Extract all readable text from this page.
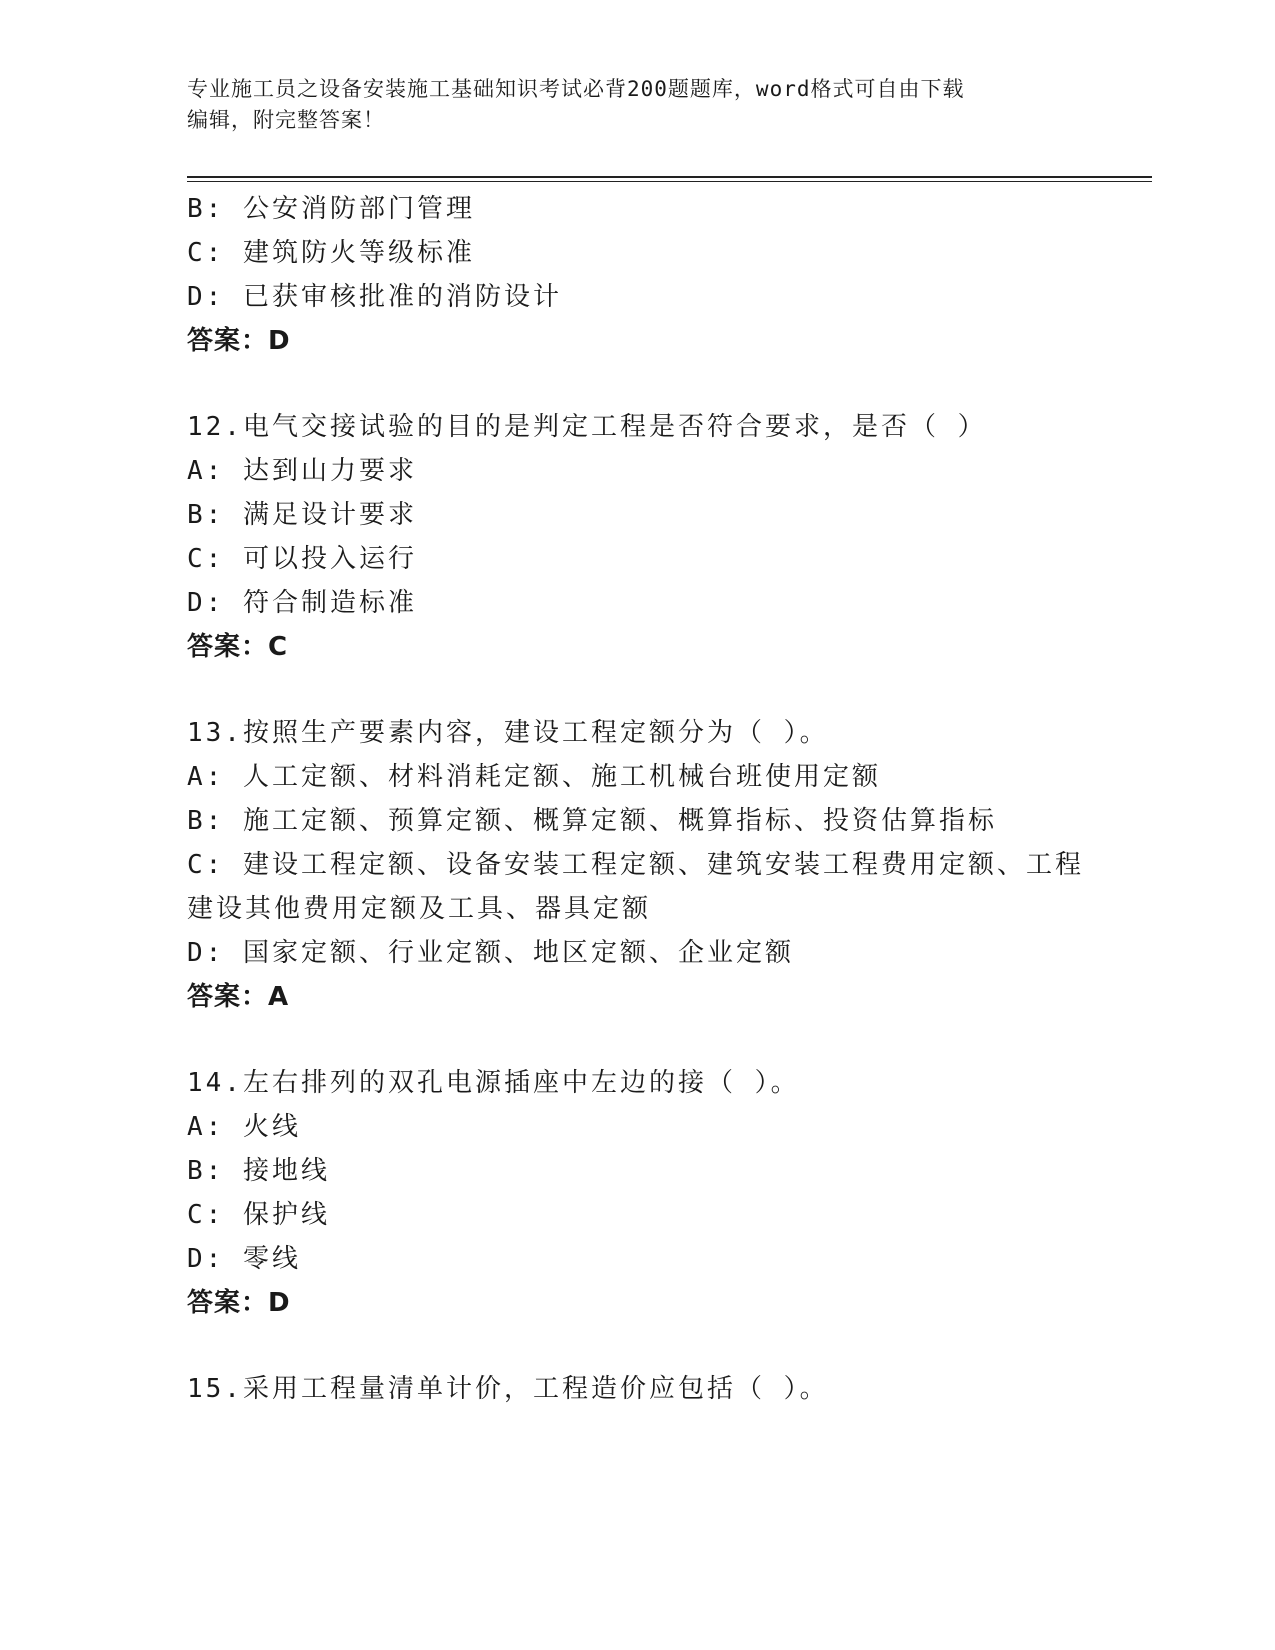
专业施工员之设备安装施工基础知识考试必背200题题库，word格式可自由下载
编辑，附完整答案！
B: 公安消防部门管理
C: 建筑防火等级标准
D: 已获审核批准的消防设计
答案：D
12.电气交接试验的目的是判定工程是否符合要求，是否（ ）
A: 达到山力要求
B: 满足设计要求
C: 可以投入运行
D: 符合制造标准
答案：C
13.按照生产要素内容，建设工程定额分为（ ）。
A: 人工定额、材料消耗定额、施工机械台班使用定额
B: 施工定额、预算定额、概算定额、概算指标、投资估算指标
C: 建设工程定额、设备安装工程定额、建筑安装工程费用定额、工程
建设其他费用定额及工具、器具定额
D: 国家定额、行业定额、地区定额、企业定额
答案：A
14.左右排列的双孔电源插座中左边的接（ ）。
A: 火线
B: 接地线
C: 保护线
D: 零线
答案：D
15.采用工程量清单计价，工程造价应包括（ ）。
